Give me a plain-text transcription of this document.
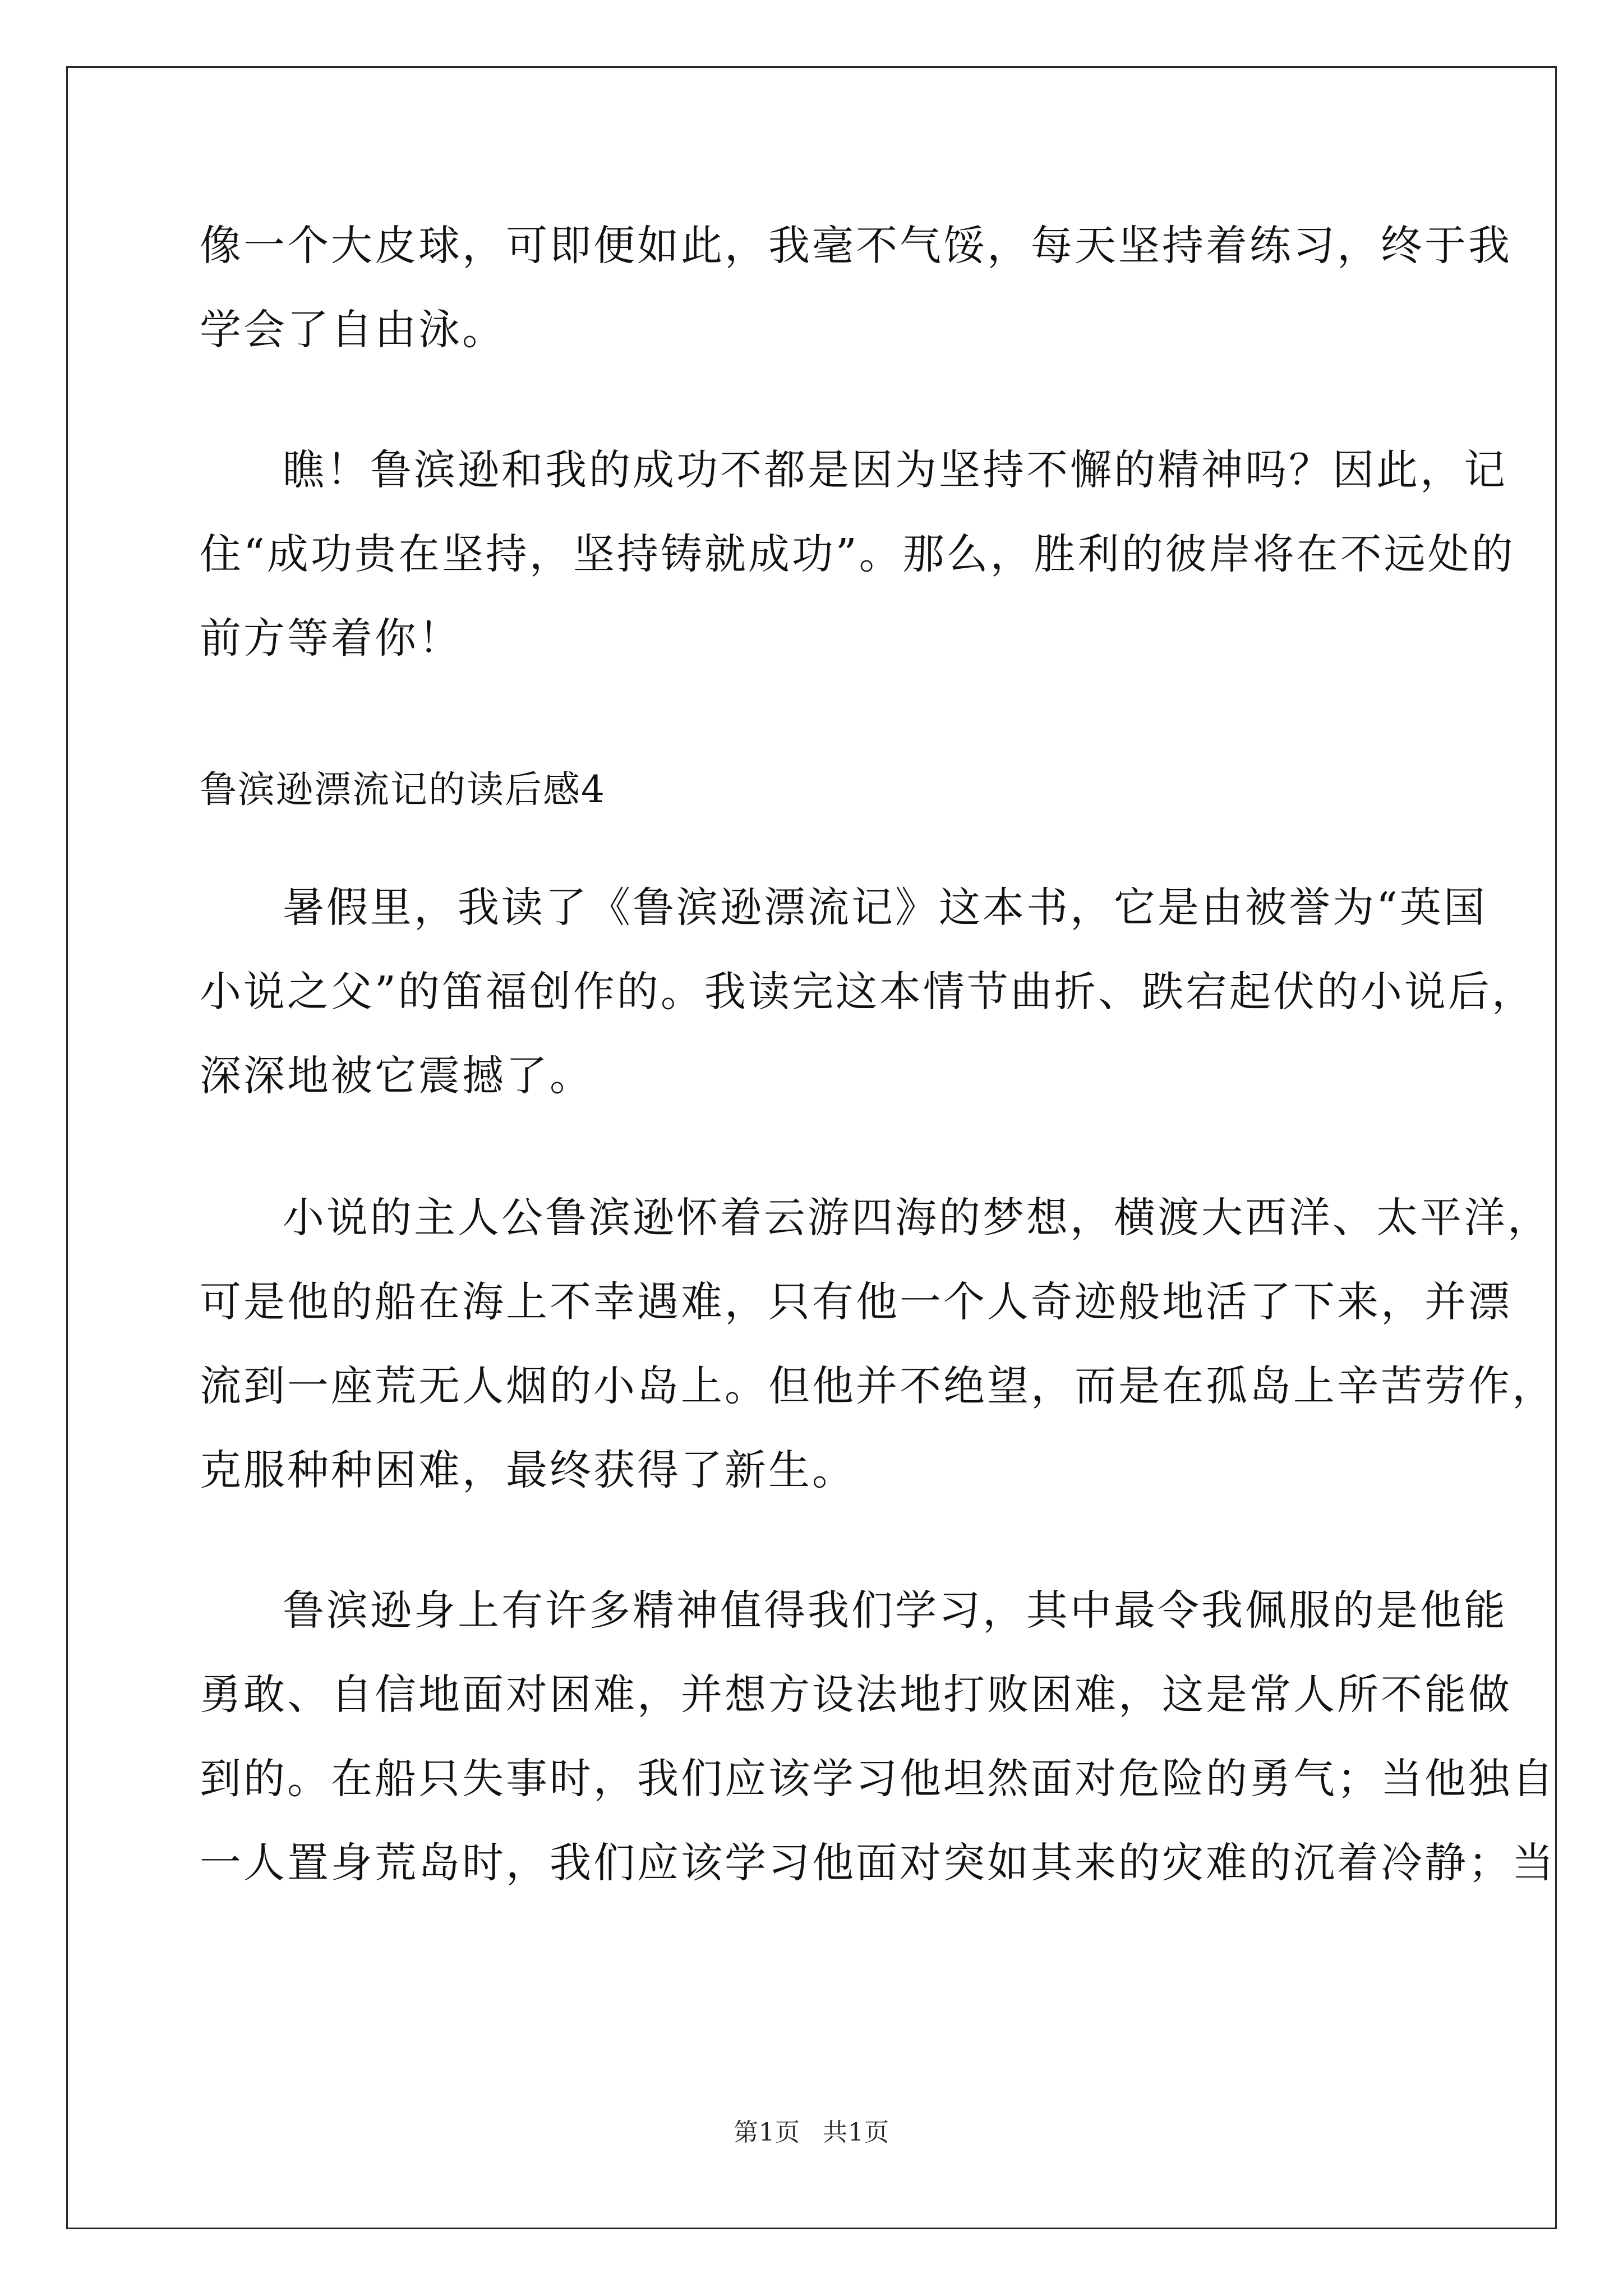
像一个大皮球，可即便如此，我毫不气馁，每天坚持着练习，终于我
学会了自由泳。
瞧！鲁滨逊和我的成功不都是因为坚持不懈的精神吗？因此，记
住“成功贵在坚持，坚持铸就成功”。那么，胜利的彼岸将在不远处的
前方等着你！
鲁滨逊漂流记的读后感4
暑假里，我读了《鲁滨逊漂流记》这本书，它是由被誉为“英国
小说之父”的笛福创作的。我读完这本情节曲折、跌宕起伏的小说后，
深深地被它震撼了。
小说的主人公鲁滨逊怀着云游四海的梦想，横渡大西洋、太平洋，
可是他的船在海上不幸遇难，只有他一个人奇迹般地活了下来，并漂
流到一座荒无人烟的小岛上。但他并不绝望，而是在孤岛上辛苦劳作，
克服种种困难，最终获得了新生。
鲁滨逊身上有许多精神值得我们学习，其中最令我佩服的是他能
勇敢、自信地面对困难，并想方设法地打败困难，这是常人所不能做
到的。在船只失事时，我们应该学习他坦然面对危险的勇气；当他独自
一人置身荒岛时，我们应该学习他面对突如其来的灾难的沉着冷静；当
第1页 共1页
